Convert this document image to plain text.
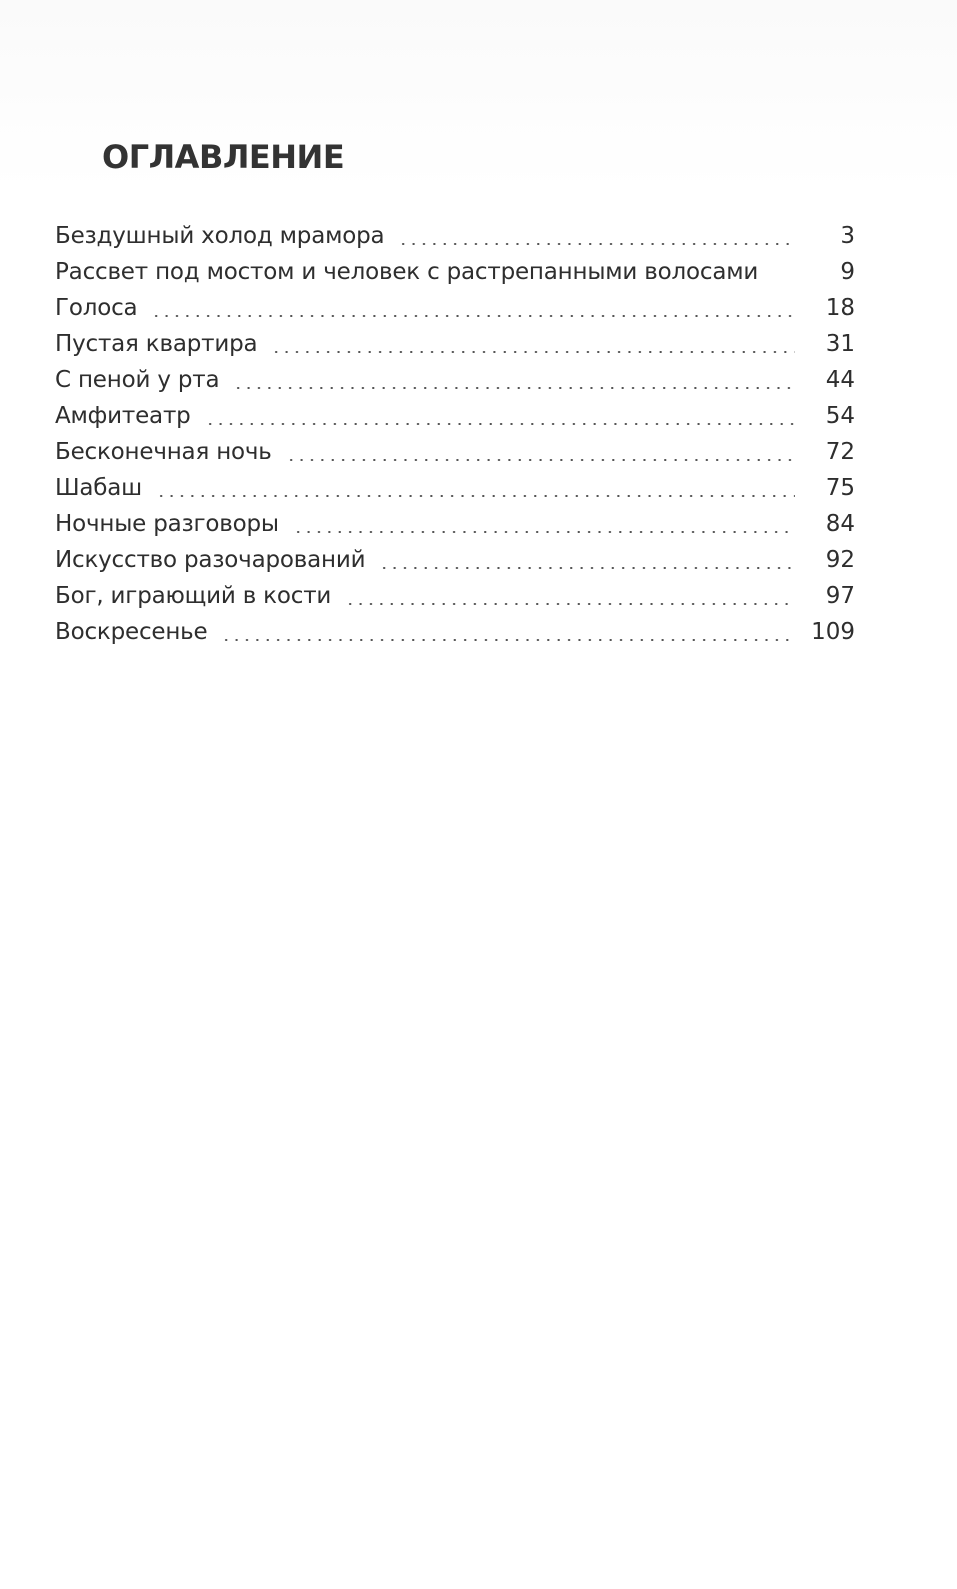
ОГЛАВЛЕНИЕ
Бездушный холод мрамора	3
Рассвет под мостом и человек с растрепанными волосами	9
Голоса	18
Пустая квартира	31
С пеной у рта	44
Амфитеатр	54
Бесконечная ночь	72
Шабаш	75
Ночные разговоры	84
Искусство разочарований	92
Бог, играющий в кости	97
Воскресенье	109
